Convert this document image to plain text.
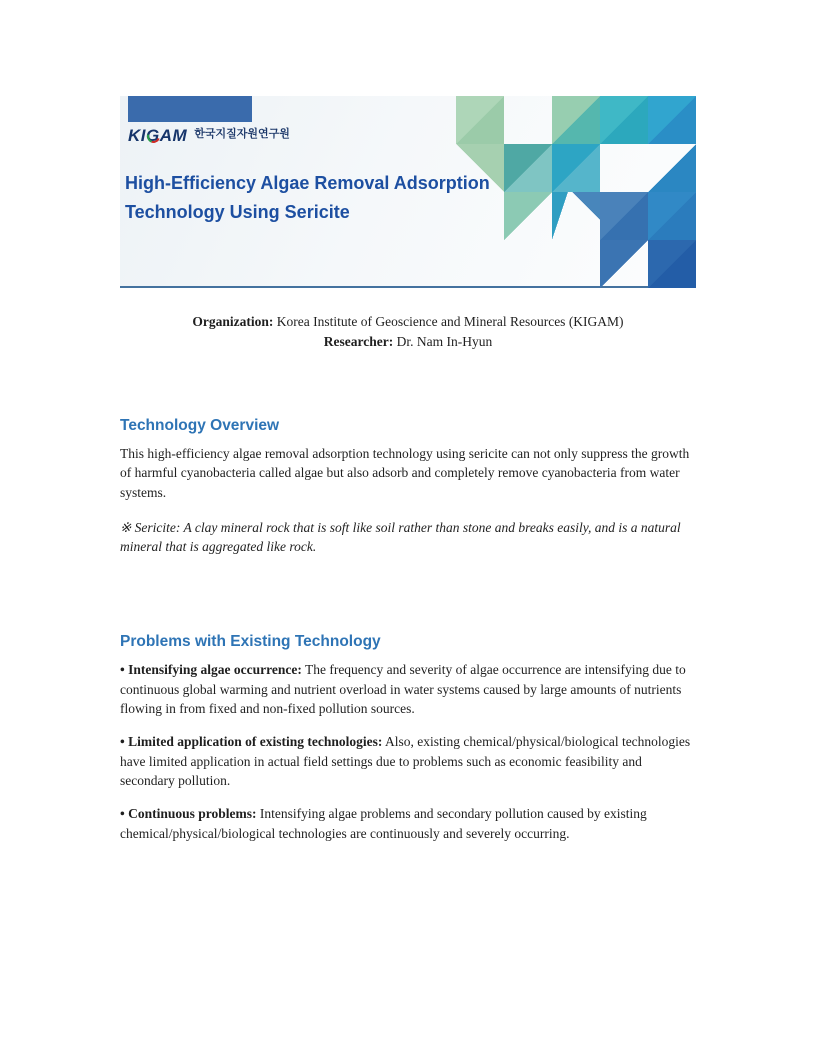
KIGAM 한국지질자원연구원
High-Efficiency Algae Removal Adsorption
Technology Using Sericite
Organization: Korea Institute of Geoscience and Mineral Resources (KIGAM)
Researcher: Dr. Nam In-Hyun
Technology Overview

This high-efficiency algae removal adsorption technology using sericite can not only suppress the growth of harmful cyanobacteria called algae but also adsorb and completely remove cyanobacteria from water systems.

※ Sericite: A clay mineral rock that is soft like soil rather than stone and breaks easily, and is a natural mineral that is aggregated like rock.

Problems with Existing Technology

• Intensifying algae occurrence: The frequency and severity of algae occurrence are intensifying due to continuous global warming and nutrient overload in water systems caused by large amounts of nutrients flowing in from fixed and non-fixed pollution sources.

• Limited application of existing technologies: Also, existing chemical/physical/biological technologies have limited application in actual field settings due to problems such as economic feasibility and secondary pollution.

• Continuous problems: Intensifying algae problems and secondary pollution caused by existing chemical/physical/biological technologies are continuously and severely occurring.
